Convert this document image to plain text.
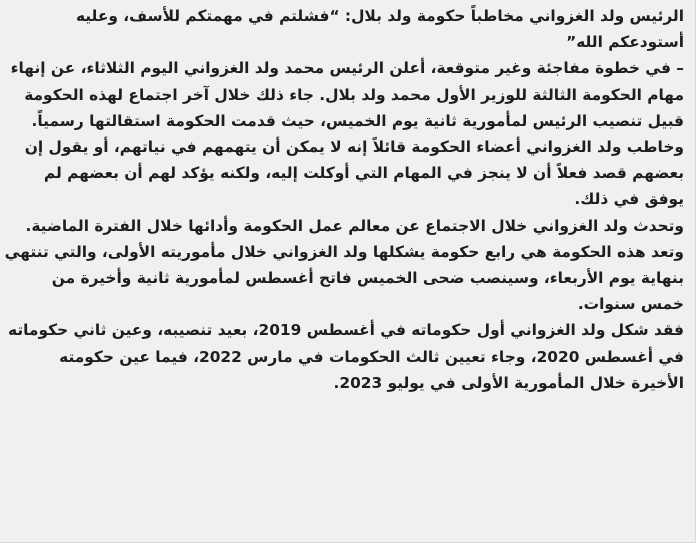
الرئيس ولد الغزواني مخاطباً حكومة ولد بلال: “فشلتم في مهمتكم للأسف، وعليه أستودعكم الله”

– في خطوة مفاجئة وغير متوقعة، أعلن الرئيس محمد ولد الغزواني اليوم الثلاثاء، عن إنهاء مهام الحكومة الثالثة للوزير الأول محمد ولد بلال. جاء ذلك خلال آخر اجتماع لهذه الحكومة قبيل تنصيب الرئيس لمأمورية ثانية يوم الخميس، حيث قدمت الحكومة استقالتها رسمياً.

وخاطب ولد الغزواني أعضاء الحكومة قائلاً إنه لا يمكن أن يتهمهم في نياتهم، أو يقول إن بعضهم قصد فعلاً أن لا ينجز في المهام التي أوكلت إليه، ولكنه يؤكد لهم أن بعضهم لم يوفق في ذلك.

وتحدث ولد الغزواني خلال الاجتماع عن معالم عمل الحكومة وأدائها خلال الفترة الماضية.

وتعد هذه الحكومة هي رابع حكومة يشكلها ولد الغزواني خلال مأموريته الأولى، والتي تنتهي بنهاية يوم الأربعاء، وسينصب ضحى الخميس فاتح أغسطس لمأمورية ثانية وأخيرة من خمس سنوات.

فقد شكل ولد الغزواني أول حكوماته في أغسطس 2019، بعيد تنصيبه، وعين ثاني حكوماته في أغسطس 2020، وجاء تعيين ثالث الحكومات في مارس 2022، فيما عين حكومته الأخيرة خلال المأمورية الأولى في يوليو 2023.
